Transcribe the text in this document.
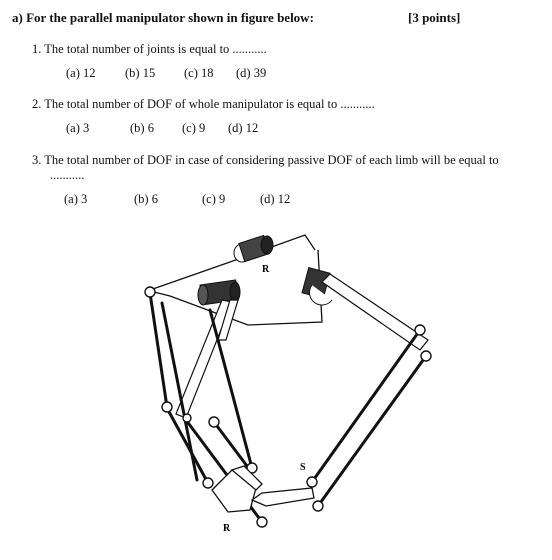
a) For the parallel manipulator shown in figure below:	[3 points]
1. The total number of joints is equal to ...........
(a) 12 (b) 15 (c) 18 (d) 39
2. The total number of DOF of whole manipulator is equal to ...........
(a) 3	(b) 6 (c) 9 (d) 12
3. The total number of DOF in case of considering passive DOF of each limb will be equal to
...........
(a) 3	(b) 6	(c) 9	(d) 12
R
S
R
